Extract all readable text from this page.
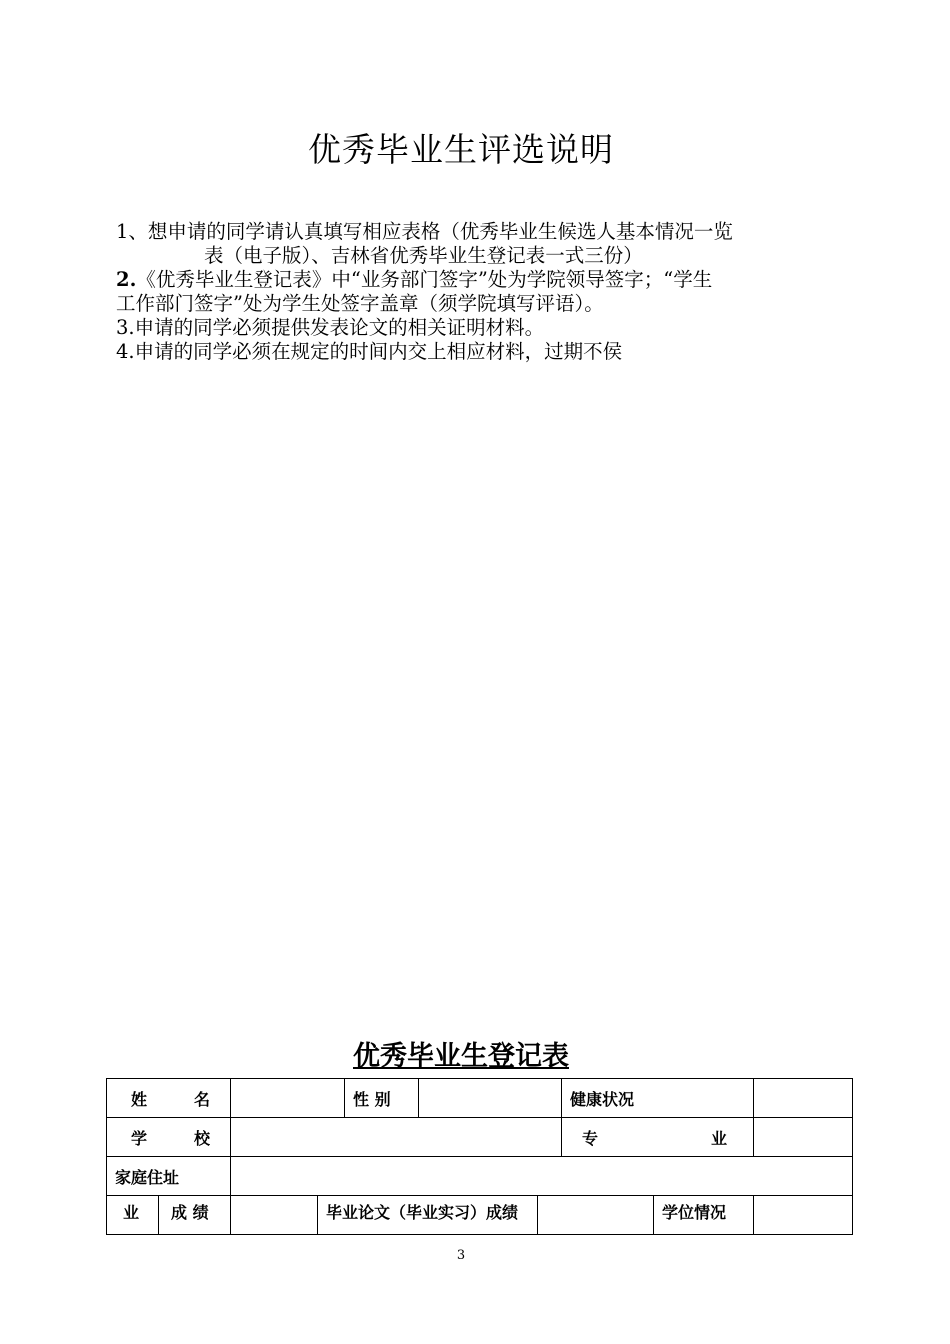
优秀毕业生评选说明

1、想申请的同学请认真填写相应表格（优秀毕业生候选人基本情况一览

表（电子版）、吉林省优秀毕业生登记表一式三份）

2.《优秀毕业生登记表》中“业务部门签字”处为学院领导签字；“学生

工作部门签字”处为学生处签字盖章（须学院填写评语）。

3.申请的同学必须提供发表论文的相关证明材料。

4.申请的同学必须在规定的时间内交上相应材料，过期不侯

优秀毕业生登记表
姓 名				性 别			健康状况		

学 校							专 业		

家庭住址									
业	成 绩		毕业论文（毕业实习）成绩					学位情况	
3
